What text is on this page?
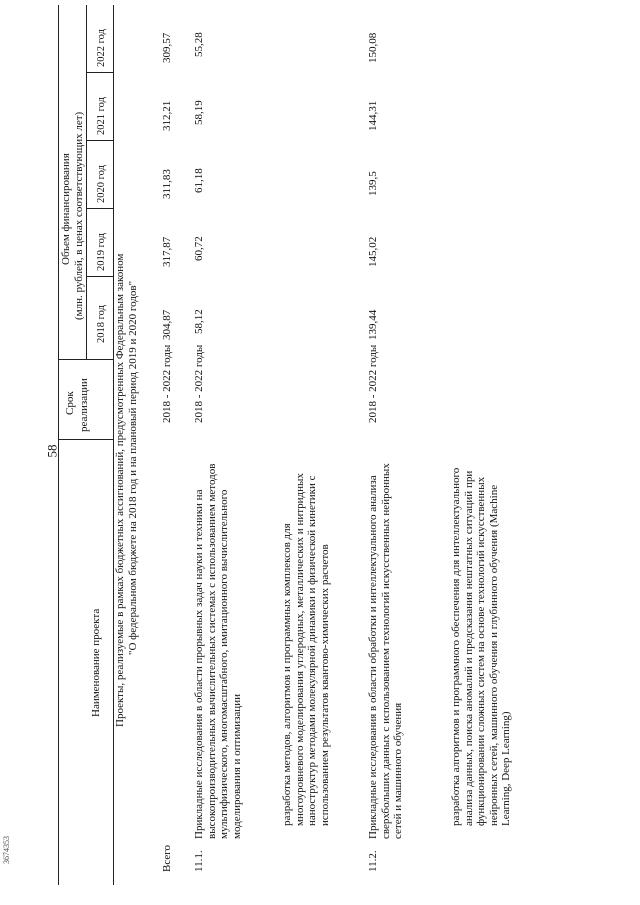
58
3674353
Проекты, реализуемые в рамках бюджетных ассигнований, предусмотренных Федеральным законом "О федеральном бюджете на 2018 год и на плановый период 2019 и 2020 годов"
Наименование проекта
Срок реализации
Объем финансирования (млн. рублей, в ценах соответствующих лет)
2018 год
2019 год
2020 год
2021 год
2022 год
Всего
2018 - 2022 годы
304,87
317,87
311,83
312,21
309,57
11.1.
Прикладные исследования в области прорывных задач науки и техники на высокопроизводительных вычислительных системах с использованием методов мультифизического, многомасштабного, имитационного вычислительного моделирования и оптимизации	разработка методов, алгоритмов и программных комплексов для многоуровневого моделирования углеродных, металлических и нитридных наноструктур методами молекулярной динамики и физической кинетики с использованием результатов квантово-химических расчетов
2018 - 2022 годы
58,12
60,72
61,18
58,19
55,28
11.2.
Прикладные исследования в области обработки и интеллектуального анализа сверхбольших данных с использованием технологий искусственных нейронных сетей и машинного обучения	разработка алгоритмов и программного обеспечения для интеллектуального анализа данных, поиска аномалий и предсказания нештатных ситуаций при функционировании сложных систем на основе технологий искусственных нейронных сетей, машинного обучения и глубинного обучения (Machine Learning, Deep Learning)
2018 - 2022 годы
139,44
145,02
139,5
144,31
150,08
